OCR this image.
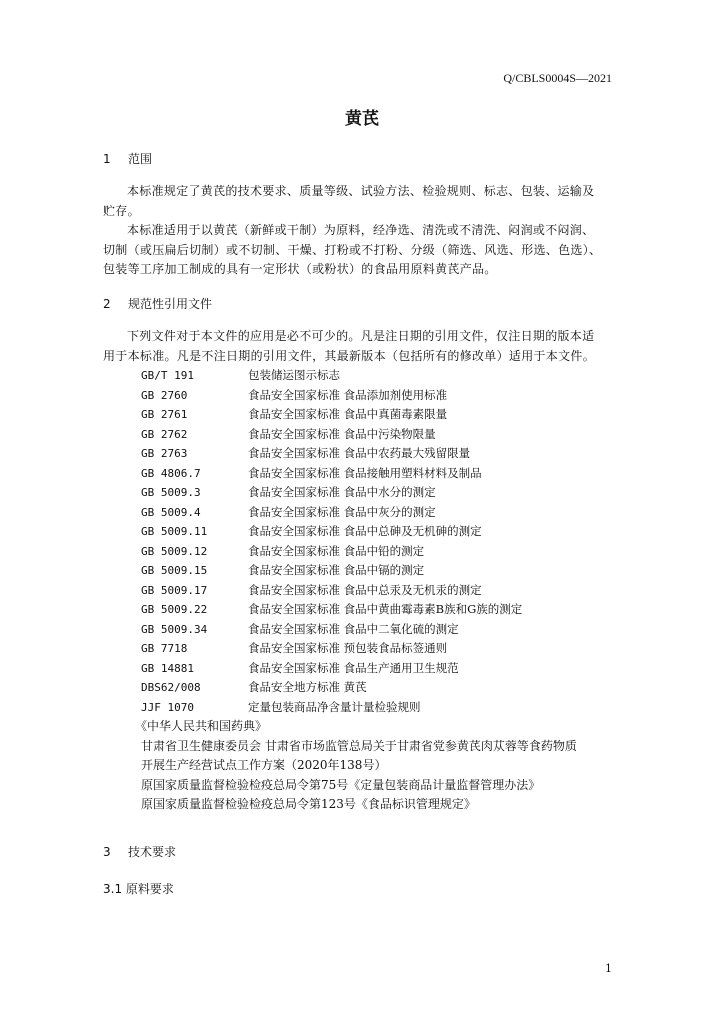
Q/CBLS0004S—2021
黄芪
1 范围

本标准规定了黄芪的技术要求、质量等级、试验方法、检验规则、标志、包装、运输及

贮存。

本标准适用于以黄芪（新鲜或干制）为原料，经净选、清洗或不清洗、闷润或不闷润、

切制（或压扁后切制）或不切制、干燥、打粉或不打粉、分级（筛选、风选、形选、色选）、

包装等工序加工制成的具有一定形状（或粉状）的食品用原料黄芪产品。

2 规范性引用文件

下列文件对于本文件的应用是必不可少的。凡是注日期的引用文件，仅注日期的版本适

用于本标准。凡是不注日期的引用文件，其最新版本（包括所有的修改单）适用于本文件。

GB/T 191	包装储运图示标志
GB 2760	食品安全国家标准 食品添加剂使用标准
GB 2761	食品安全国家标准 食品中真菌毒素限量
GB 2762	食品安全国家标准 食品中污染物限量
GB 2763	食品安全国家标准 食品中农药最大残留限量
GB 4806.7	食品安全国家标准 食品接触用塑料材料及制品
GB 5009.3	食品安全国家标准 食品中水分的测定
GB 5009.4	食品安全国家标准 食品中灰分的测定
GB 5009.11	食品安全国家标准 食品中总砷及无机砷的测定
GB 5009.12	食品安全国家标准 食品中铅的测定
GB 5009.15	食品安全国家标准 食品中镉的测定
GB 5009.17	食品安全国家标准 食品中总汞及无机汞的测定
GB 5009.22	食品安全国家标准 食品中黄曲霉毒素B族和G族的测定
GB 5009.34	食品安全国家标准 食品中二氧化硫的测定
GB 7718	食品安全国家标准 预包装食品标签通则
GB 14881	食品安全国家标准 食品生产通用卫生规范
DBS62/008	食品安全地方标准 黄芪
JJF 1070	定量包装商品净含量计量检验规则
《中华人民共和国药典》
甘肃省卫生健康委员会 甘肃省市场监管总局关于甘肃省党参黄芪肉苁蓉等食药物质
开展生产经营试点工作方案（2020年138号）
原国家质量监督检验检疫总局令第75号《定量包装商品计量监督管理办法》
原国家质量监督检验检疫总局令第123号《食品标识管理规定》
3 技术要求
3.1 原料要求
1
